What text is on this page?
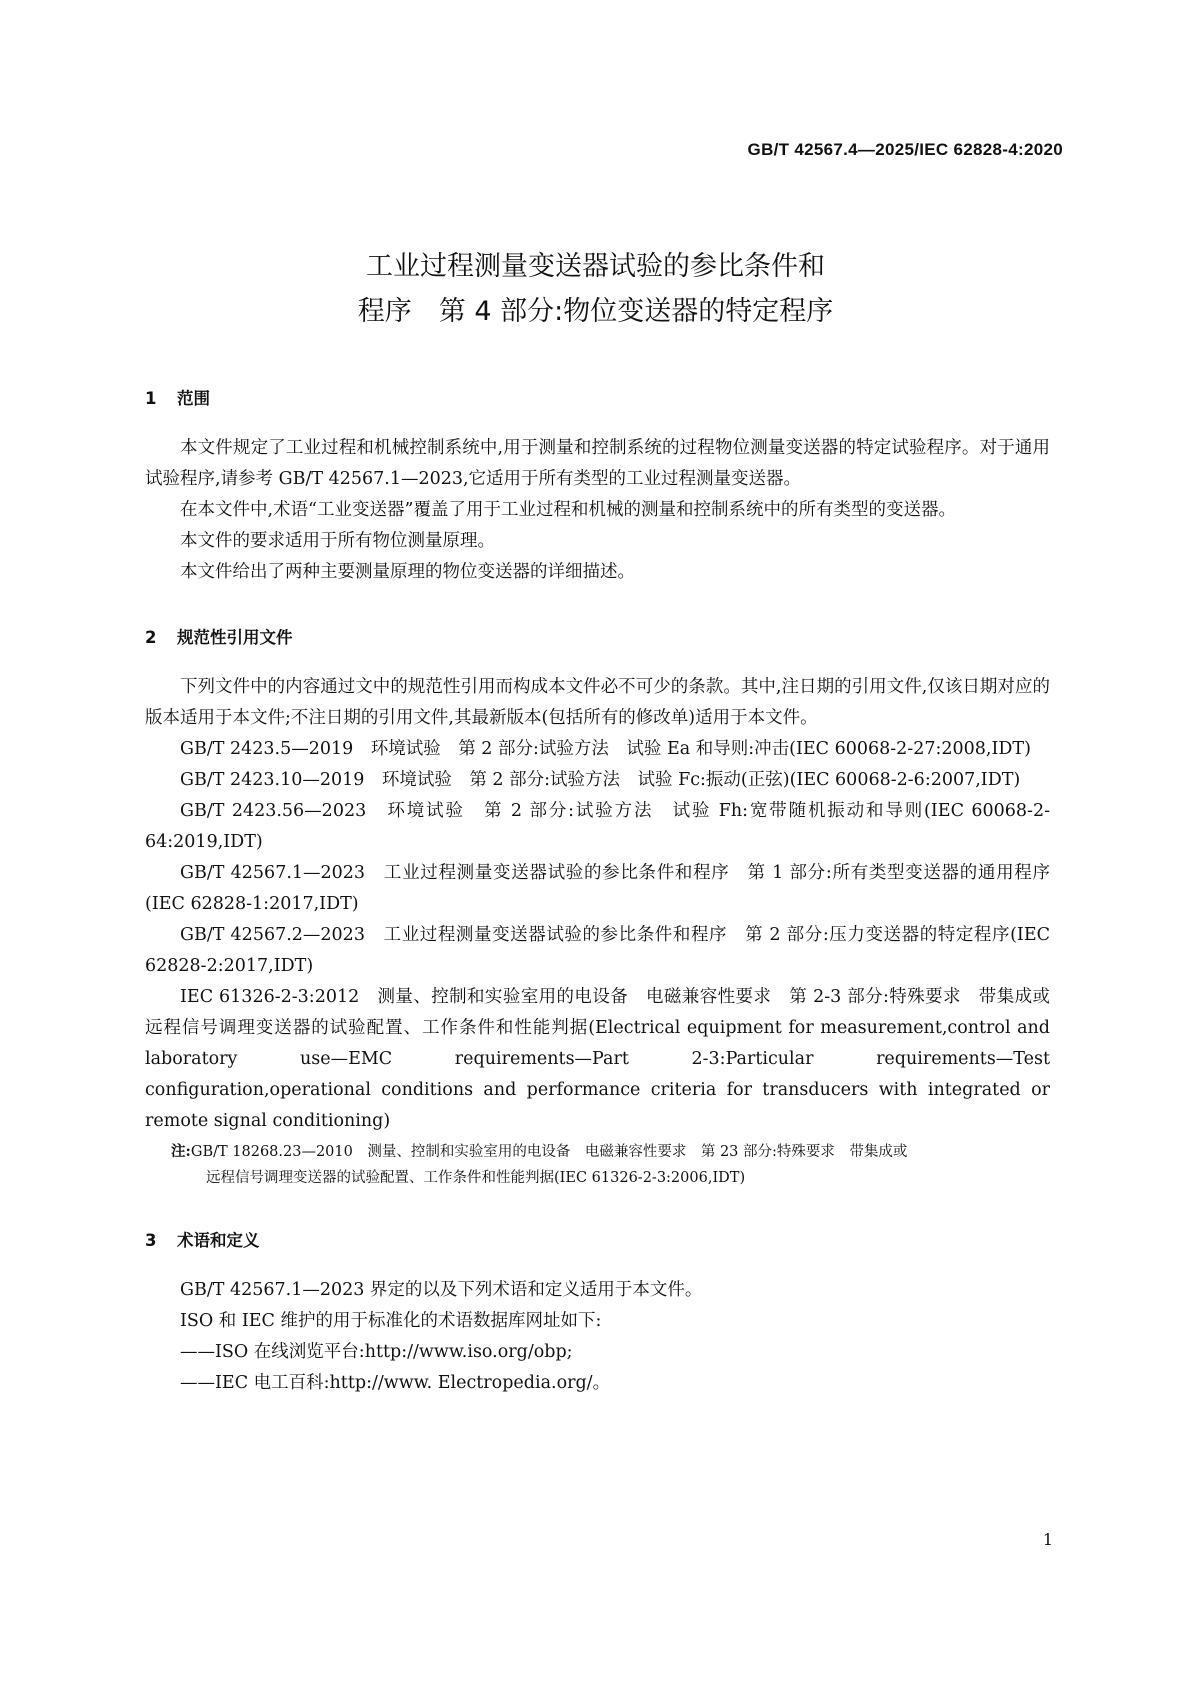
GB/T 42567.4—2025/IEC 62828-4:2020
工业过程测量变送器试验的参比条件和
程序　第 4 部分:物位变送器的特定程序
1 范围

本文件规定了工业过程和机械控制系统中,用于测量和控制系统的过程物位测量变送器的特定试验程序。对于通用试验程序,请参考 GB/T 42567.1—2023,它适用于所有类型的工业过程测量变送器。

在本文件中,术语“工业变送器”覆盖了用于工业过程和机械的测量和控制系统中的所有类型的变送器。

本文件的要求适用于所有物位测量原理。

本文件给出了两种主要测量原理的物位变送器的详细描述。

2 规范性引用文件

下列文件中的内容通过文中的规范性引用而构成本文件必不可少的条款。其中,注日期的引用文件,仅该日期对应的版本适用于本文件;不注日期的引用文件,其最新版本(包括所有的修改单)适用于本文件。

GB/T 2423.5—2019　环境试验　第 2 部分:试验方法　试验 Ea 和导则:冲击(IEC 60068-2-27:2008,IDT)

GB/T 2423.10—2019　环境试验　第 2 部分:试验方法　试验 Fc:振动(正弦)(IEC 60068-2-6:2007,IDT)

GB/T 2423.56—2023　环境试验　第 2 部分:试验方法　试验 Fh:宽带随机振动和导则(IEC 60068-2-64:2019,IDT)

GB/T 42567.1—2023　工业过程测量变送器试验的参比条件和程序　第 1 部分:所有类型变送器的通用程序(IEC 62828-1:2017,IDT)

GB/T 42567.2—2023　工业过程测量变送器试验的参比条件和程序　第 2 部分:压力变送器的特定程序(IEC 62828-2:2017,IDT)

IEC 61326-2-3:2012　测量、控制和实验室用的电设备　电磁兼容性要求　第 2-3 部分:特殊要求　带集成或远程信号调理变送器的试验配置、工作条件和性能判据(Electrical equipment for measurement,control and laboratory use—EMC requirements—Part 2-3:Particular requirements—Test configuration,operational conditions and performance criteria for transducers with integrated or remote signal conditioning)

注:GB/T 18268.23—2010　测量、控制和实验室用的电设备　电磁兼容性要求　第 23 部分:特殊要求　带集成或
远程信号调理变送器的试验配置、工作条件和性能判据(IEC 61326-2-3:2006,IDT)
3 术语和定义

GB/T 42567.1—2023 界定的以及下列术语和定义适用于本文件。

ISO 和 IEC 维护的用于标准化的术语数据库网址如下:

——ISO 在线浏览平台:http://www.iso.org/obp;

——IEC 电工百科:http://www. Electropedia.org/。

1
